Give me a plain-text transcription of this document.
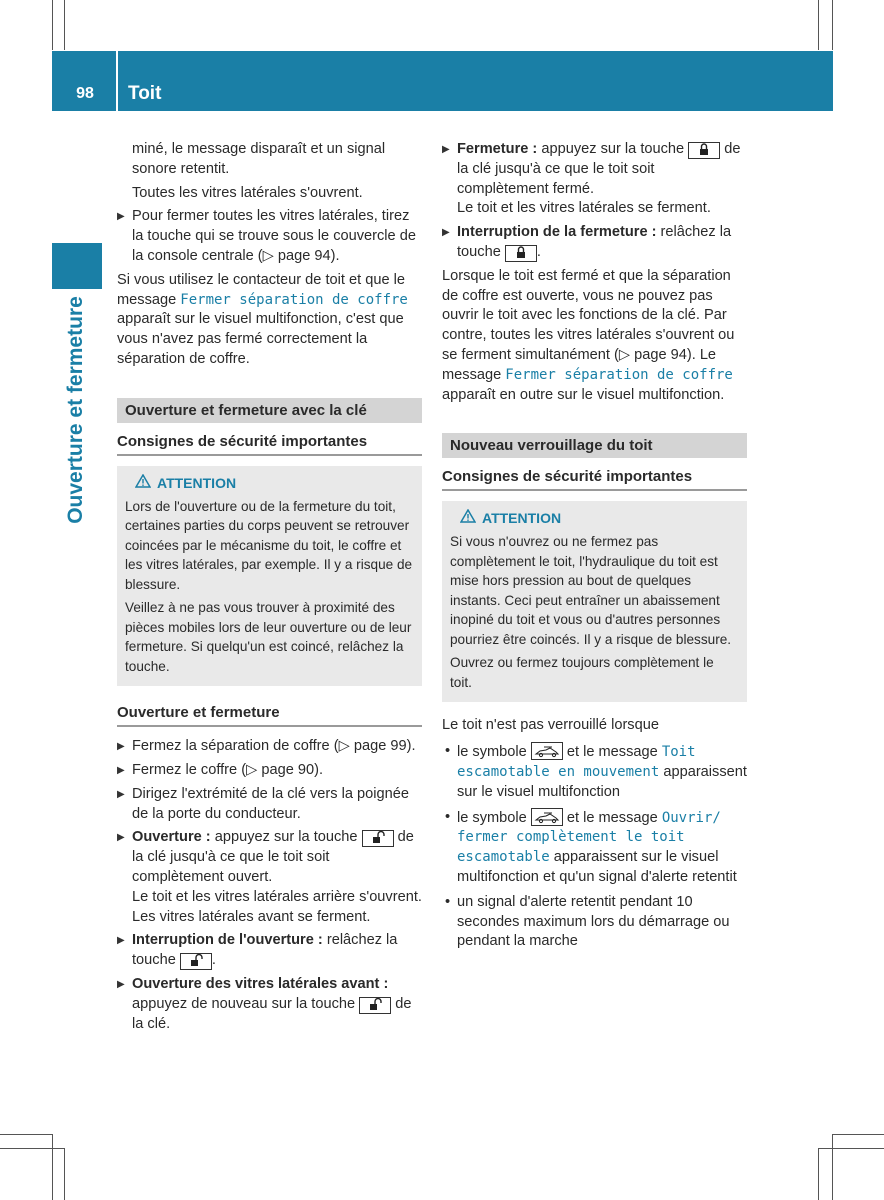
98	Toit
Ouverture et fermeture

miné, le message disparaît et un signal sonore retentit.

Toutes les vitres latérales s'ouvrent.

▶ Pour fermer toutes les vitres latérales, tirez la touche qui se trouve sous le couvercle de la console centrale (▷ page 94).

Si vous utilisez le contacteur de toit et que le message Fermer séparation de coffre apparaît sur le visuel multifonction, c'est que vous n'avez pas fermé correctement la séparation de coffre.

Ouverture et fermeture avec la clé
Consignes de sécurité importantes
ATTENTION

Lors de l'ouverture ou de la fermeture du toit, certaines parties du corps peuvent se retrouver coincées par le mécanisme du toit, le coffre et les vitres latérales, par exemple. Il y a risque de blessure.

Veillez à ne pas vous trouver à proximité des pièces mobiles lors de leur ouverture ou de leur fermeture. Si quelqu'un est coincé, relâchez la touche.

Ouverture et fermeture
▶ Fermez la séparation de coffre (▷ page 99).
▶ Fermez le coffre (▷ page 90).
▶ Dirigez l'extrémité de la clé vers la poignée de la porte du conducteur.
▶ Ouverture : appuyez sur la touche	de la clé jusqu'à ce que le toit soit complètement ouvert.
Le toit et les vitres latérales arrière s'ouvrent. Les vitres latérales avant se ferment.
▶ Interruption de l'ouverture : relâchez la touche .
▶ Ouverture des vitres latérales avant : appuyez de nouveau sur la touche	de la clé.
▶ Fermeture : appuyez sur la touche	de la clé jusqu'à ce que le toit soit complètement fermé.
Le toit et les vitres latérales se ferment.
▶ Interruption de la fermeture : relâchez la touche .

Lorsque le toit est fermé et que la séparation de coffre est ouverte, vous ne pouvez pas ouvrir le toit avec les fonctions de la clé. Par contre, toutes les vitres latérales s'ouvrent ou se ferment simultanément (▷ page 94). Le message Fermer séparation de coffre apparaît en outre sur le visuel multifonction.

Nouveau verrouillage du toit
Consignes de sécurité importantes
ATTENTION

Si vous n'ouvrez ou ne fermez pas complètement le toit, l'hydraulique du toit est mise hors pression au bout de quelques instants. Ceci peut entraîner un abaissement inopiné du toit et vous ou d'autres personnes pourriez être coincés. Il y a risque de blessure.

Ouvrez ou fermez toujours complètement le toit.

Le toit n'est pas verrouillé lorsque

• le symbole	et le message Toit escamotable en mouvement apparaissent sur le visuel multifonction
• le symbole	et le message Ouvrir/ fermer complètement le toit escamotable apparaissent sur le visuel multifonction et qu'un signal d'alerte retentit
• un signal d'alerte retentit pendant 10 secondes maximum lors du démarrage ou pendant la marche
